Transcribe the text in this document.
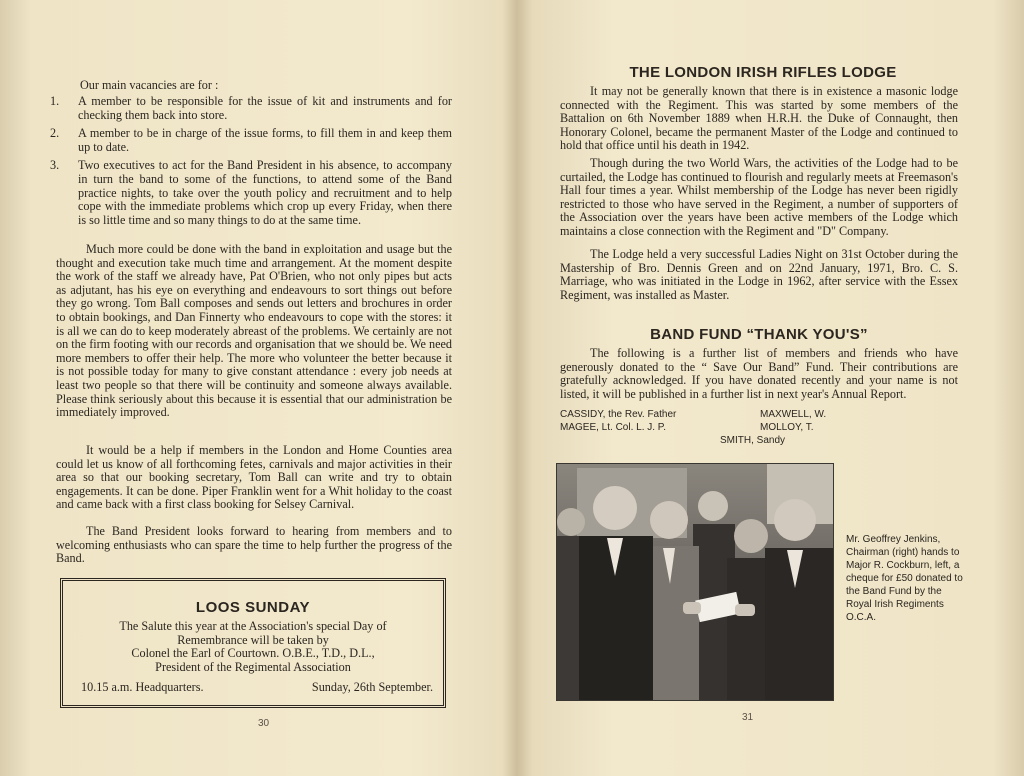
Our main vacancies are for :

1. A member to be responsible for the issue of kit and instruments and for checking them back into store.
2. A member to be in charge of the issue forms, to fill them in and keep them up to date.
3. Two executives to act for the Band President in his absence, to accompany in turn the band to some of the functions, to attend some of the Band practice nights, to take over the youth policy and recruitment and to help cope with the immediate problems which crop up every Friday, when there is so little time and so many things to do at the same time.

Much more could be done with the band in exploitation and usage but the thought and execution take much time and arrangement. At the moment despite the work of the staff we already have, Pat O'Brien, who not only pipes but acts as adjutant, has his eye on everything and endeavours to sort things out before they go wrong. Tom Ball composes and sends out letters and brochures in order to obtain bookings, and Dan Finnerty who endeavours to cope with the stores: it is all we can do to keep moderately abreast of the problems. We certainly are not on the firm footing with our records and organisation that we should be. We need more members to offer their help. The more who volunteer the better because it is not possible today for many to give constant attendance : every job needs at least two people so that there will be continuity and someone always available. Please think seriously about this because it is essential that our administration be immediately improved.

It would be a help if members in the London and Home Counties area could let us know of all forthcoming fetes, carnivals and major activities in their area so that our booking secretary, Tom Ball can write and try to obtain engagements. It can be done. Piper Franklin went for a Whit holiday to the coast and came back with a first class booking for Selsey Carnival.

The Band President looks forward to hearing from members and to welcoming enthusiasts who can spare the time to help further the progress of the Band.

LOOS SUNDAY
The Salute this year at the Association's special Day of
Remembrance will be taken by
Colonel the Earl of Courtown. O.B.E., T.D., D.L.,
President of the Regimental Association
10.15 a.m. Headquarters.	Sunday, 26th September.
30
THE LONDON IRISH RIFLES LODGE

It may not be generally known that there is in existence a masonic lodge connected with the Regiment. This was started by some members of the Battalion on 6th November 1889 when H.R.H. the Duke of Connaught, then Honorary Colonel, became the permanent Master of the Lodge and continued to hold that office until his death in 1942.

Though during the two World Wars, the activities of the Lodge had to be curtailed, the Lodge has continued to flourish and regularly meets at Freemason's Hall four times a year. Whilst membership of the Lodge has never been rigidly restricted to those who have served in the Regiment, a number of supporters of the Association over the years have been active members of the Lodge which maintains a close connection with the Regiment and "D" Company.

The Lodge held a very successful Ladies Night on 31st October during the Mastership of Bro. Dennis Green and on 22nd January, 1971, Bro. C. S. Marriage, who was initiated in the Lodge in 1962, after service with the Essex Regiment, was installed as Master.

BAND FUND “THANK YOU'S”

The following is a further list of members and friends who have generously donated to the “ Save Our Band” Fund. Their contributions are gratefully acknowledged. If you have donated recently and your name is not listed, it will be published in a further list in next year's Annual Report.

CASSIDY, the Rev. Father	MAXWELL, W.
MAGEE, Lt. Col. L. J. P.	MOLLOY, T.
SMITH, Sandy

Mr. Geoffrey Jenkins, Chairman (right) hands to Major R. Cockburn, left, a cheque for £50 donated to the Band Fund by the Royal Irish Regiments O.C.A.

31
